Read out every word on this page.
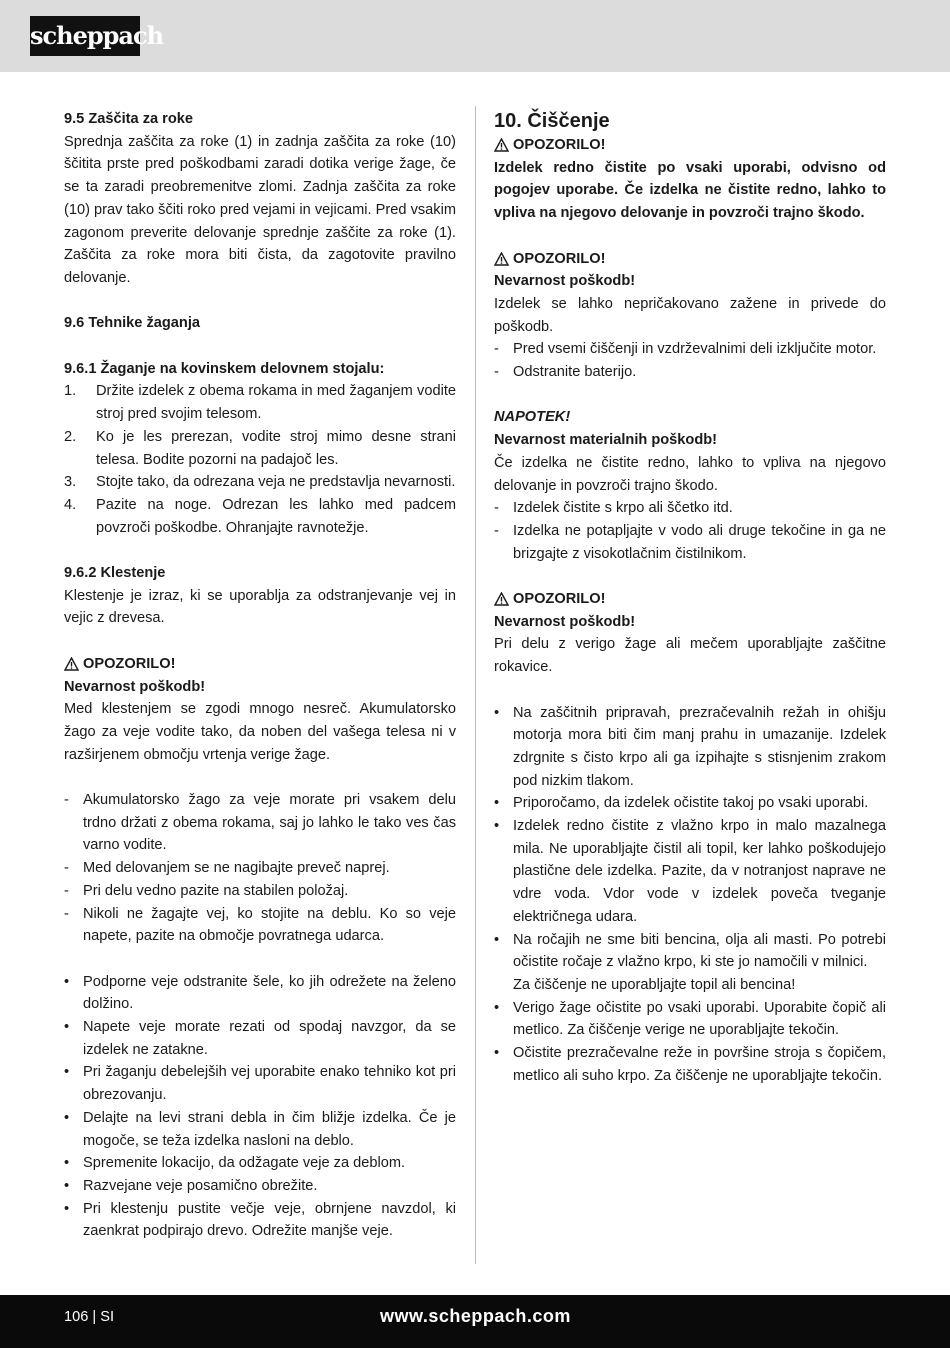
scheppach

9.5 Zaščita za roke

Sprednja zaščita za roke (1) in zadnja zaščita za roke (10) ščitita prste pred poškodbami zaradi dotika verige žage, če se ta zaradi preobremenitve zlomi. Zadnja zaščita za roke (10) prav tako ščiti roko pred vejami in vejicami. Pred vsakim zagonom preverite delovanje sprednje zaščite za roke (1). Zaščita za roke mora biti čista, da zagotovite pravilno delovanje.

9.6 Tehnike žaganja

9.6.1 Žaganje na kovinskem delovnem stojalu:

1. Držite izdelek z obema rokama in med žaganjem vodite stroj pred svojim telesom.

2. Ko je les prerezan, vodite stroj mimo desne strani telesa. Bodite pozorni na padajoč les.

3. Stojte tako, da odrezana veja ne predstavlja nevarnosti.

4. Pazite na noge. Odrezan les lahko med padcem povzroči poškodbe. Ohranjajte ravnotežje.

9.6.2 Klestenje

Klestenje je izraz, ki se uporablja za odstranjevanje vej in vejic z drevesa.

OPOZORILO!

Nevarnost poškodb!

Med klestenjem se zgodi mnogo nesreč. Akumulatorsko žago za veje vodite tako, da noben del vašega telesa ni v razširjenem območju vrtenja verige žage.

- Akumulatorsko žago za veje morate pri vsakem delu trdno držati z obema rokama, saj jo lahko le tako ves čas varno vodite.

- Med delovanjem se ne nagibajte preveč naprej.

- Pri delu vedno pazite na stabilen položaj.

- Nikoli ne žagajte vej, ko stojite na deblu. Ko so veje napete, pazite na območje povratnega udarca.

• Podporne veje odstranite šele, ko jih odrežete na želeno dolžino.

• Napete veje morate rezati od spodaj navzgor, da se izdelek ne zatakne.

• Pri žaganju debelejših vej uporabite enako tehniko kot pri obrezovanju.

• Delajte na levi strani debla in čim bližje izdelka. Če je mogoče, se teža izdelka nasloni na deblo.

• Spremenite lokacijo, da odžagate veje za deblom.

• Razvejane veje posamično obrežite.

• Pri klestenju pustite večje veje, obrnjene navzdol, ki zaenkrat podpirajo drevo. Odrežite manjše veje.

10. Čiščenje

OPOZORILO!

Izdelek redno čistite po vsaki uporabi, odvisno od pogojev uporabe. Če izdelka ne čistite redno, lahko to vpliva na njegovo delovanje in povzroči trajno škodo.

OPOZORILO!

Nevarnost poškodb!

Izdelek se lahko nepričakovano zažene in privede do poškodb.

- Pred vsemi čiščenji in vzdrževalnimi deli izključite motor.

- Odstranite baterijo.

NAPOTEK!

Nevarnost materialnih poškodb!

Če izdelka ne čistite redno, lahko to vpliva na njegovo delovanje in povzroči trajno škodo.

- Izdelek čistite s krpo ali ščetko itd.

- Izdelka ne potapljajte v vodo ali druge tekočine in ga ne brizgajte z visokotlačnim čistilnikom.

OPOZORILO!

Nevarnost poškodb!

Pri delu z verigo žage ali mečem uporabljajte zaščitne rokavice.

• Na zaščitnih pripravah, prezračevalnih režah in ohišju motorja mora biti čim manj prahu in umazanije. Izdelek zdrgnite s čisto krpo ali ga izpihajte s stisnjenim zrakom pod nizkim tlakom.

• Priporočamo, da izdelek očistite takoj po vsaki uporabi.

• Izdelek redno čistite z vlažno krpo in malo mazalnega mila. Ne uporabljajte čistil ali topil, ker lahko poškodujejo plastične dele izdelka. Pazite, da v notranjost naprave ne vdre voda. Vdor vode v izdelek poveča tveganje električnega udara.

• Na ročajih ne sme biti bencina, olja ali masti. Po potrebi očistite ročaje z vlažno krpo, ki ste jo namočili v milnici.

Za čiščenje ne uporabljajte topil ali bencina!

• Verigo žage očistite po vsaki uporabi. Uporabite čopič ali metlico. Za čiščenje verige ne uporabljajte tekočin.

• Očistite prezračevalne reže in površine stroja s čopičem, metlico ali suho krpo. Za čiščenje ne uporabljajte tekočin.

106 | SI	www.scheppach.com
